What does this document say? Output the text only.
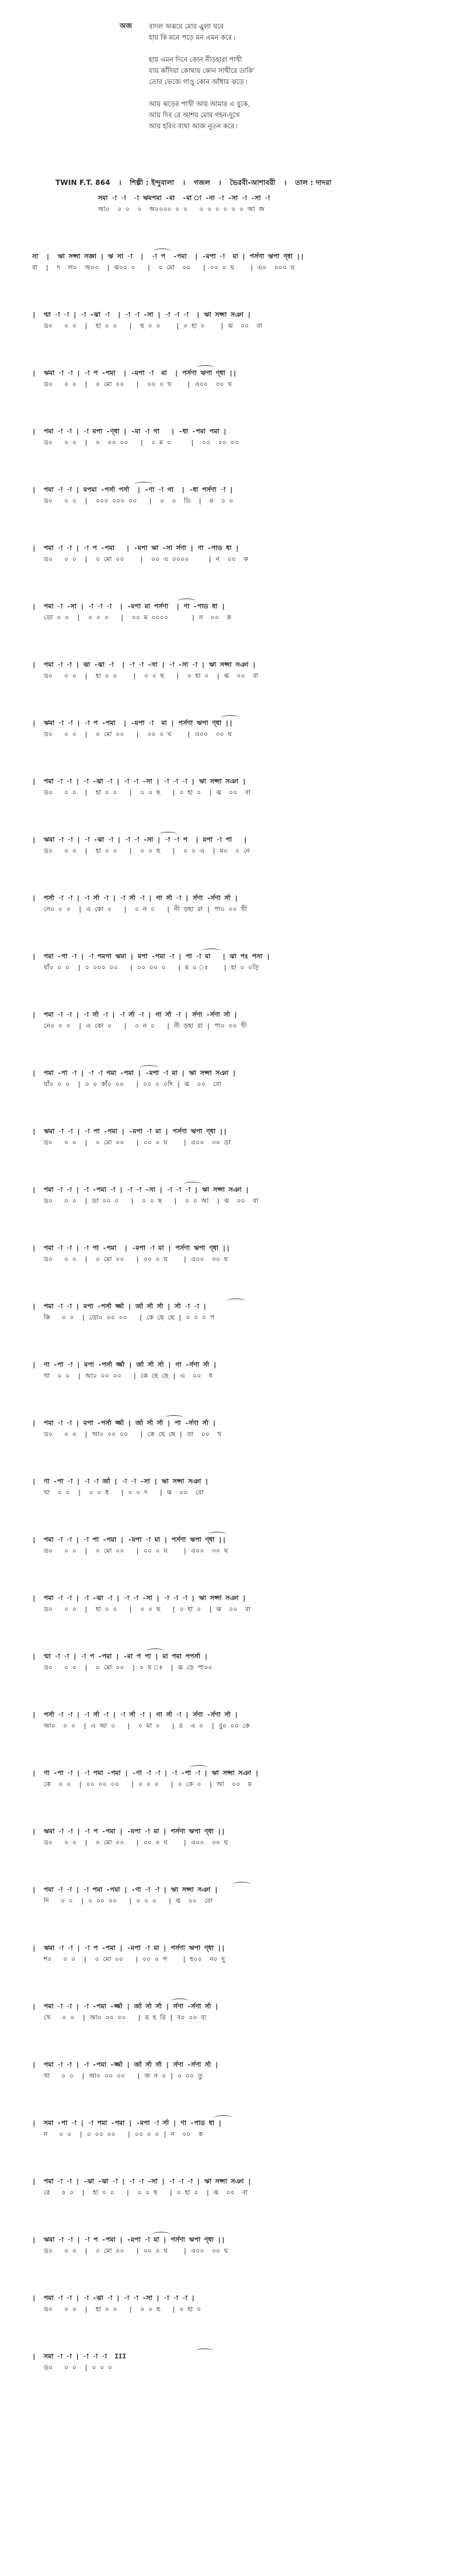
অজ	বাদল অঝরে মোর এ্রুলা ঘরে
হায় কি মনে পড়ে মন এমন করে ৷
হায় এমন দিনে কোন নীড়হারা পাখী
যায় কাঁদিয়া কোথায় কোন সাথীরে ডাকি'
তোর ভেজে গাওু কোন আঁধার ঝড়ে ৷
আয় ঝড়ের পাখী আয় আমার এ বুকে,
আয় দিব রে আশয় মোর গহন-দুখে
আয় হরিব ব্যথা আজ নূতন করে ৷
TWIN F.T. 864 । শিল্পী : ইন্দুবালা । গজল । ভৈরবী-আশাবরী । তাল : দাদরা
সমা -া -া  -া ঋমপমা -মা  -মা া -না -া -সা -া -সা -া
আ০  ০ ০  ০  অ০০০০ ০ ০   ০ ০ ০ ০ ০ ০ আ জ
সা  |  ঋা সপ্সা সজ্ঞা | ঋ সা -া  |  -া প  -পমা  | -মপা -া  মা | পর্সণা ঋপা ণ্ধা ||
বা  |  দ  ল০  অ০৩  | ঝ০০ ০   |  ০ মো  ০০   | ০০ ০ ঘ    | এ০  ০০০ ঘ
|  ণ্মা -া -া | -া -ঝা -া  | -া -া -সা | -া -া -া  | ঋা সপ্সা সঞা |
ড০   ০ ০  |  হা ০ ০   |  ছ ০ ০    | ০ হা ০    | ঝ  ০০  বা
|  ঋমা -া -া | -া প -পমা  | -মপা -া  মা  | পর্সণা ঋপা ণ্ধা ||
ড০   ০ ০  |  ০ মো ০০   |  ০০ ০ ঘ    | এ০০  ৩০ ঘ
|  পমা -া -া | -া মপা -ণ্ধা | -মা -া গা   | -ধা -পমা পমা |
ড০   ০ ০  |  ০  ০০ ০০   |  ০ ম ০     |  ০০  ০০ ০৩
|  পমা -া -া | মপমা -পর্সা পর্সা  | -ণা -া গা  | -ধা পর্সণা -া |
ড০   ০ ০  |  ০০০ ০০০ ০০   |  ০  ০  ডি  |  ম  ০ ০
|  পমা -া -া | -া প -পমা   | -মপা ঋা -সা র্সণা | ণা -পাড ধা |
ড০   ০ ০  |  ০ মো ০০    |  ০০ এ ০০০০     | ন  ০০  ক
|  পমা -া -সা | -া -া -া  | -মপা মা পর্সণা  | ণা -পাড ধা |
ডো ০ ০  |  ০ ০ ০   |  ০০ ম ০০০০      | ন  ০০  ক
|  পমা -া -া | ঝা -ঝা -া  | -া -া -সা | -া -সা -া | ঋা সপ্সা সঞা |
ড০   ০ ০  |  হা ০ ০    |  ০ ০ ছ   |  ০ হা ০  | ঝ  ০০  বা
|  ঋমা -া -া | -া প -পমা  | -মপা -া  মা | পর্সণা ঋপা ণ্ধা ||
ড০   ০ ০  |  ০ মো ০০   |  ০০ ০ ঘ    | এ০০  ৩০ ঘ
|  পমা -া -া | -া -ঝা -া | -া -া -সা | -া -া -া | ঋা সপ্সা সঞা |
ড০   ০ ০  |  হা ০ ০   |  ০ ০ ছ   | ০ হা ০  | ঝ  ০০  বা
|  ঋমা -া -া | -া -ঝা -া | -া -া -সা | -া -া প  | মপা -া পা   |
ড০   ০ ০  |  হা ০ ০   |  ০ ০ ছ   |  ০ ০ এ  | ম০  ০ নে
|  পর্সা -া -া | -া র্সা -া | -া র্সা -া | গা র্সা -া | র্সণা -র্সণা র্সা |
নে০ ০ ০  | এ কো ০   |  ০ ন ০   | নী ড়হা রা | পা০ ০০ খী
|  পমা -পা -া | -া পমপা ঋমা | মপা -পমা -া | পা -া মা   | ঝা পঃ পসা |
যাঁ০ ০ ০  | ০ ০০০ ০০   | ০০ ০০ ০   | ম ০ ঃ    | হা ০ ০ড়ি
|  পমা -া -া | -া র্সা -া | -া র্সা -া | গা র্সা -া | র্সণা -র্সণা র্সা |
নে০ ০ ০  | এ কো ০   |  ০ ন ০   | নী ড়হা রা | পা০ ০০ খী
|  পমা -পা -া | -া -া গমা -পমা | -মপা -া মা | ঋা সপ্সা সঞা |
যাঁ০ ০ ০  | ০ ০ কাঁ০ ০০   | ০০ ০ ০দি | ঝ  ০০  বো
|  ঋমা -া -া | -া পা -পমা | -মপা -া মা | পর্সণা ঋপা ণ্ধা ||
ড০   ০ ০  |  ০ মো ০০   | ০০ ০ ঘ    | এ০০  ৩০ ডা
|  পমা -া -া | -া -পমা -া | -া -া -সা | -া -া -া | ঋা সপ্সা সঞা |
ড০   ০ ০  | ডা ০০ ০   |  ০ ০ ছ   |  ০ ০ আ  | ঝ  ০০  বা
|  পমা -া -া | -া পা -পমা  | -মপা -া মা | পর্সণা ঋপা ণ্ধা ||
ড০   ০ ০  |  ০ মো ০০   | ০০ ০ ঘ    | এ০০  ৩০ ঘ
|  পমা -া -া | মপা -পর্সা র্জ্জা | র্জা র্সা র্সা | র্সা -া -া |
কি   ০ ০  | ডো০ ০০ ০০   | কে ছে ছে | ০ ০ ০ প
|  ণা -পা -া | মপা -পর্সা র্জ্জা | র্জা র্সা র্সা | গা -র্সণা র্সা |
খা  ০ ০  | আ০ ০০ ০০   | কে ছে ছে | এ  ০০  ধ
|  পমা -া -া | মপা -পর্সা র্জ্জা | র্জা র্সা র্সা | পা -র্সণা র্সা |
ড০   ০ ০  | আ০ ০০ ০০   | কে ছে ছে | তা  ০০  খ
|  ণা -পা -া | -া -া র্জা | -া -া -সা | ঋা সপ্সা সঞা |
খা  ০ ০  |  ০ ০ ধ   | ০ ০ দ   | ঝ  ০০  বো
|  পমা -া -া | -া পা -পমা | -মপা -া মা | পর্সণা ঋপা ণ্ধা ||
ড০   ০ ০  |  ০ মো ০০   | ০০ ০ ঘ    | এ০০  ৩০ ঘ
|  পমা -া -া | -া -ঝা -া | -া -া -সা | -া -া -া | ঋা সপ্সা সঞা |
ড০   ০ ০  |  হা ০ ০   |  ০ ০ ছ   | ০ হা ০  | ঝ  ০০  বা
|  ণ্মা -া -া | -া প -পমা | -মা প পা | মা পমা পপর্সা |
ড০   ০ ০  |  ০ মো ০০  | ০ য ঃ  | ঝ ড়ে পা০০
|  পর্সা -া -া | -া র্সা -া | -া র্সা -া | গা র্সা -া | র্সণা -র্সণা র্সা |
আ০  ০ ০  | এ আ ০   |  ০ মা ০   | র  এ ০  | বু০ ০০ কে
|  ণা -পা -া | -া পমা -পমা | -ণা -া -া | -া -পা -া | ঋা সপ্সা সঞা |
কে  ০ ০  | ০০ ০০ ০০   | ০ ০ ০   | ০ কে ০  | আ  ০০  য়
|  ঋমা -া -া | -া প -পমা | -মপা -া মা | পর্সণা ঋপা ণ্ধা ||
ড০   ০ ০  |  ০ মো ০০   | ০০ ০ ঘ    | এ০০  ৩০ ঘ
|  পমা -া -া | -া পমা -পমা | -ণা -া -া | ঋা সপ্সা সঞা |
দি   ০ ০  | ০ ০০ ০০   | ০ ০ ০   | ঝ  ০০  বো
|  ঋমা -া -া | -া প -পমা | -মপা -া মা | পর্সণা ঋপা ণ্ধা ||
শ০   ০ ০  |  ০ মো ০০   | ০০ ০ গ    | হ০০  ন০ দু
|  পমা -া -া | -া -পমা -র্জ্জা | র্জা র্সা র্সা | র্সণা -র্সণা র্সা |
খে   ০ ০  | আ০ ০০ ০০   | য় হ রি | ব০ ০০ ব্য
|  পমা -া -া | -া -পমা -র্জ্জা | র্জা র্সা র্সা | র্সণা -র্সণা র্সা |
থা   ০ ০  | আ০ ০০ ০০   | জ ন ০ | ০ ০০ তু
|  সমা -পা -া | -া পমা -পমা | -মপা -া র্সা | ণা -পাড ধা |
ন   ০ ০  | ০ ০০ ০০   | ০০ ০ ০ | ন  ০০  ক
|  পমা -া -া | -ঝা -ঝা -া | -া -া -সা | -া -া -া | ঋা সপ্সা সঞা |
রে   ০ ০  |  হা ০ ০   |  ০ ০ ছ   | ০ হা ০  | ঝ  ০০  বা
|  ঋমা -া -া | -া প -পমা | -মপা -া মা | পর্সণা ঋপা ণ্ধা ||
ড০   ০ ০  |  ০ মো ০০   | ০০ ০ ঘ    | এ০০  ৩০ ঘ
|  পমা -া -া | -া -ঝা -া | -া -া -সা | -া -া -া |
ড০   ০ ০  |  হা ০ ০   |  ০ ০ ছ   | ০ হা ০
|  সমা -া -া | -া -া -া  III
ড০   ০ ০  | ০ ০ ০
